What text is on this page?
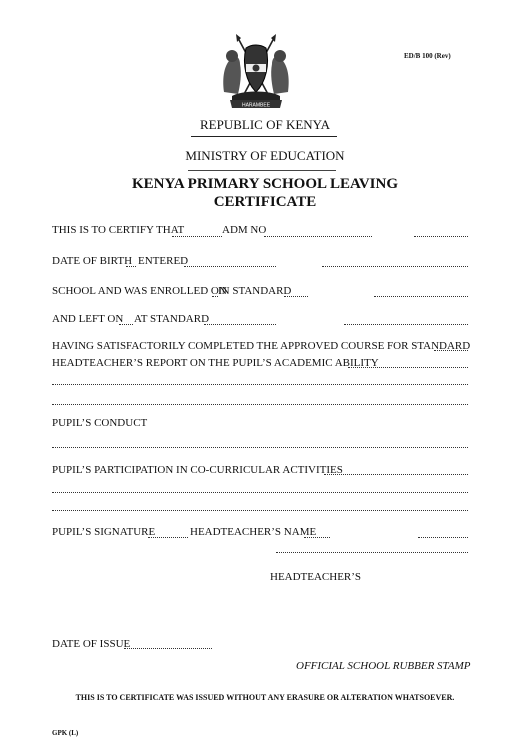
ED/B 100 (Rev)
HARAMBEE
REPUBLIC OF KENYA
MINISTRY OF EDUCATION
KENYA PRIMARY SCHOOL LEAVING
CERTIFICATE
THIS IS TO CERTIFY THAT	ADM NO
DATE OF BIRTH ENTERED
SCHOOL AND WAS ENROLLED ON
IN STANDARD
AND LEFT ON AT STANDARD
HAVING SATISFACTORILY COMPLETED THE APPROVED COURSE FOR STANDARD
HEADTEACHER’S REPORT ON THE PUPIL’S ACADEMIC ABILITY
PUPIL’S CONDUCT
PUPIL’S PARTICIPATION IN CO-CURRICULAR ACTIVITIES
PUPIL’S SIGNATURE	HEADTEACHER’S NAME
HEADTEACHER’S
DATE OF ISSUE
OFFICIAL SCHOOL RUBBER STAMP
THIS IS TO CERTIFICATE WAS ISSUED WITHOUT ANY ERASURE OR ALTERATION WHATSOEVER.
GPK (L)
